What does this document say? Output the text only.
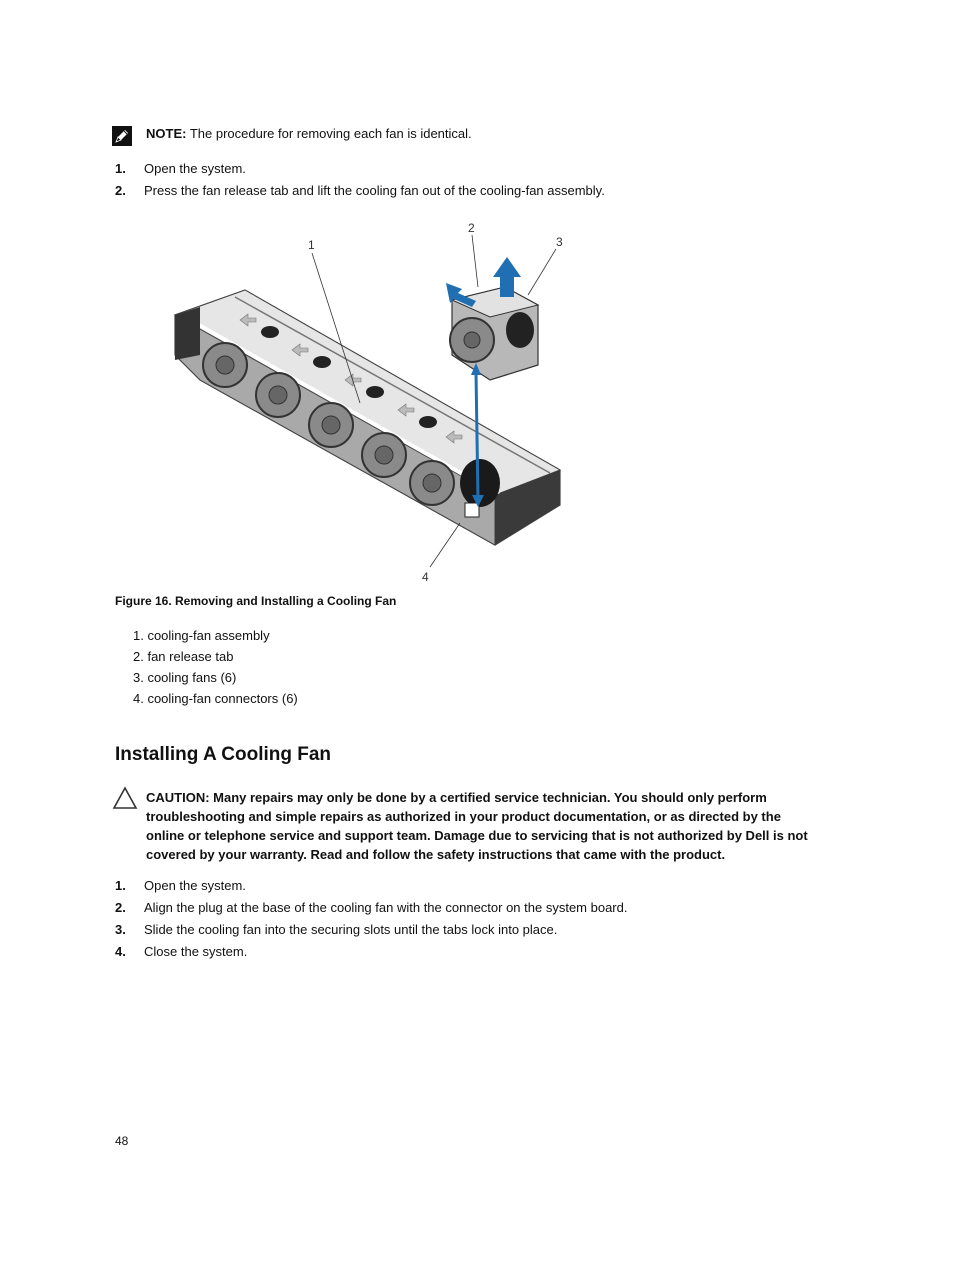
NOTE: The procedure for removing each fan is identical.
1. Open the system.
2. Press the fan release tab and lift the cooling fan out of the cooling-fan assembly.
1
2
3
4
Figure 16. Removing and Installing a Cooling Fan
1. cooling-fan assembly
2. fan release tab
3. cooling fans (6)
4. cooling-fan connectors (6)
Installing A Cooling Fan
CAUTION: Many repairs may only be done by a certified service technician. You should only perform troubleshooting and simple repairs as authorized in your product documentation, or as directed by the online or telephone service and support team. Damage due to servicing that is not authorized by Dell is not covered by your warranty. Read and follow the safety instructions that came with the product.
1. Open the system.
2. Align the plug at the base of the cooling fan with the connector on the system board.
3. Slide the cooling fan into the securing slots until the tabs lock into place.
4. Close the system.
48
